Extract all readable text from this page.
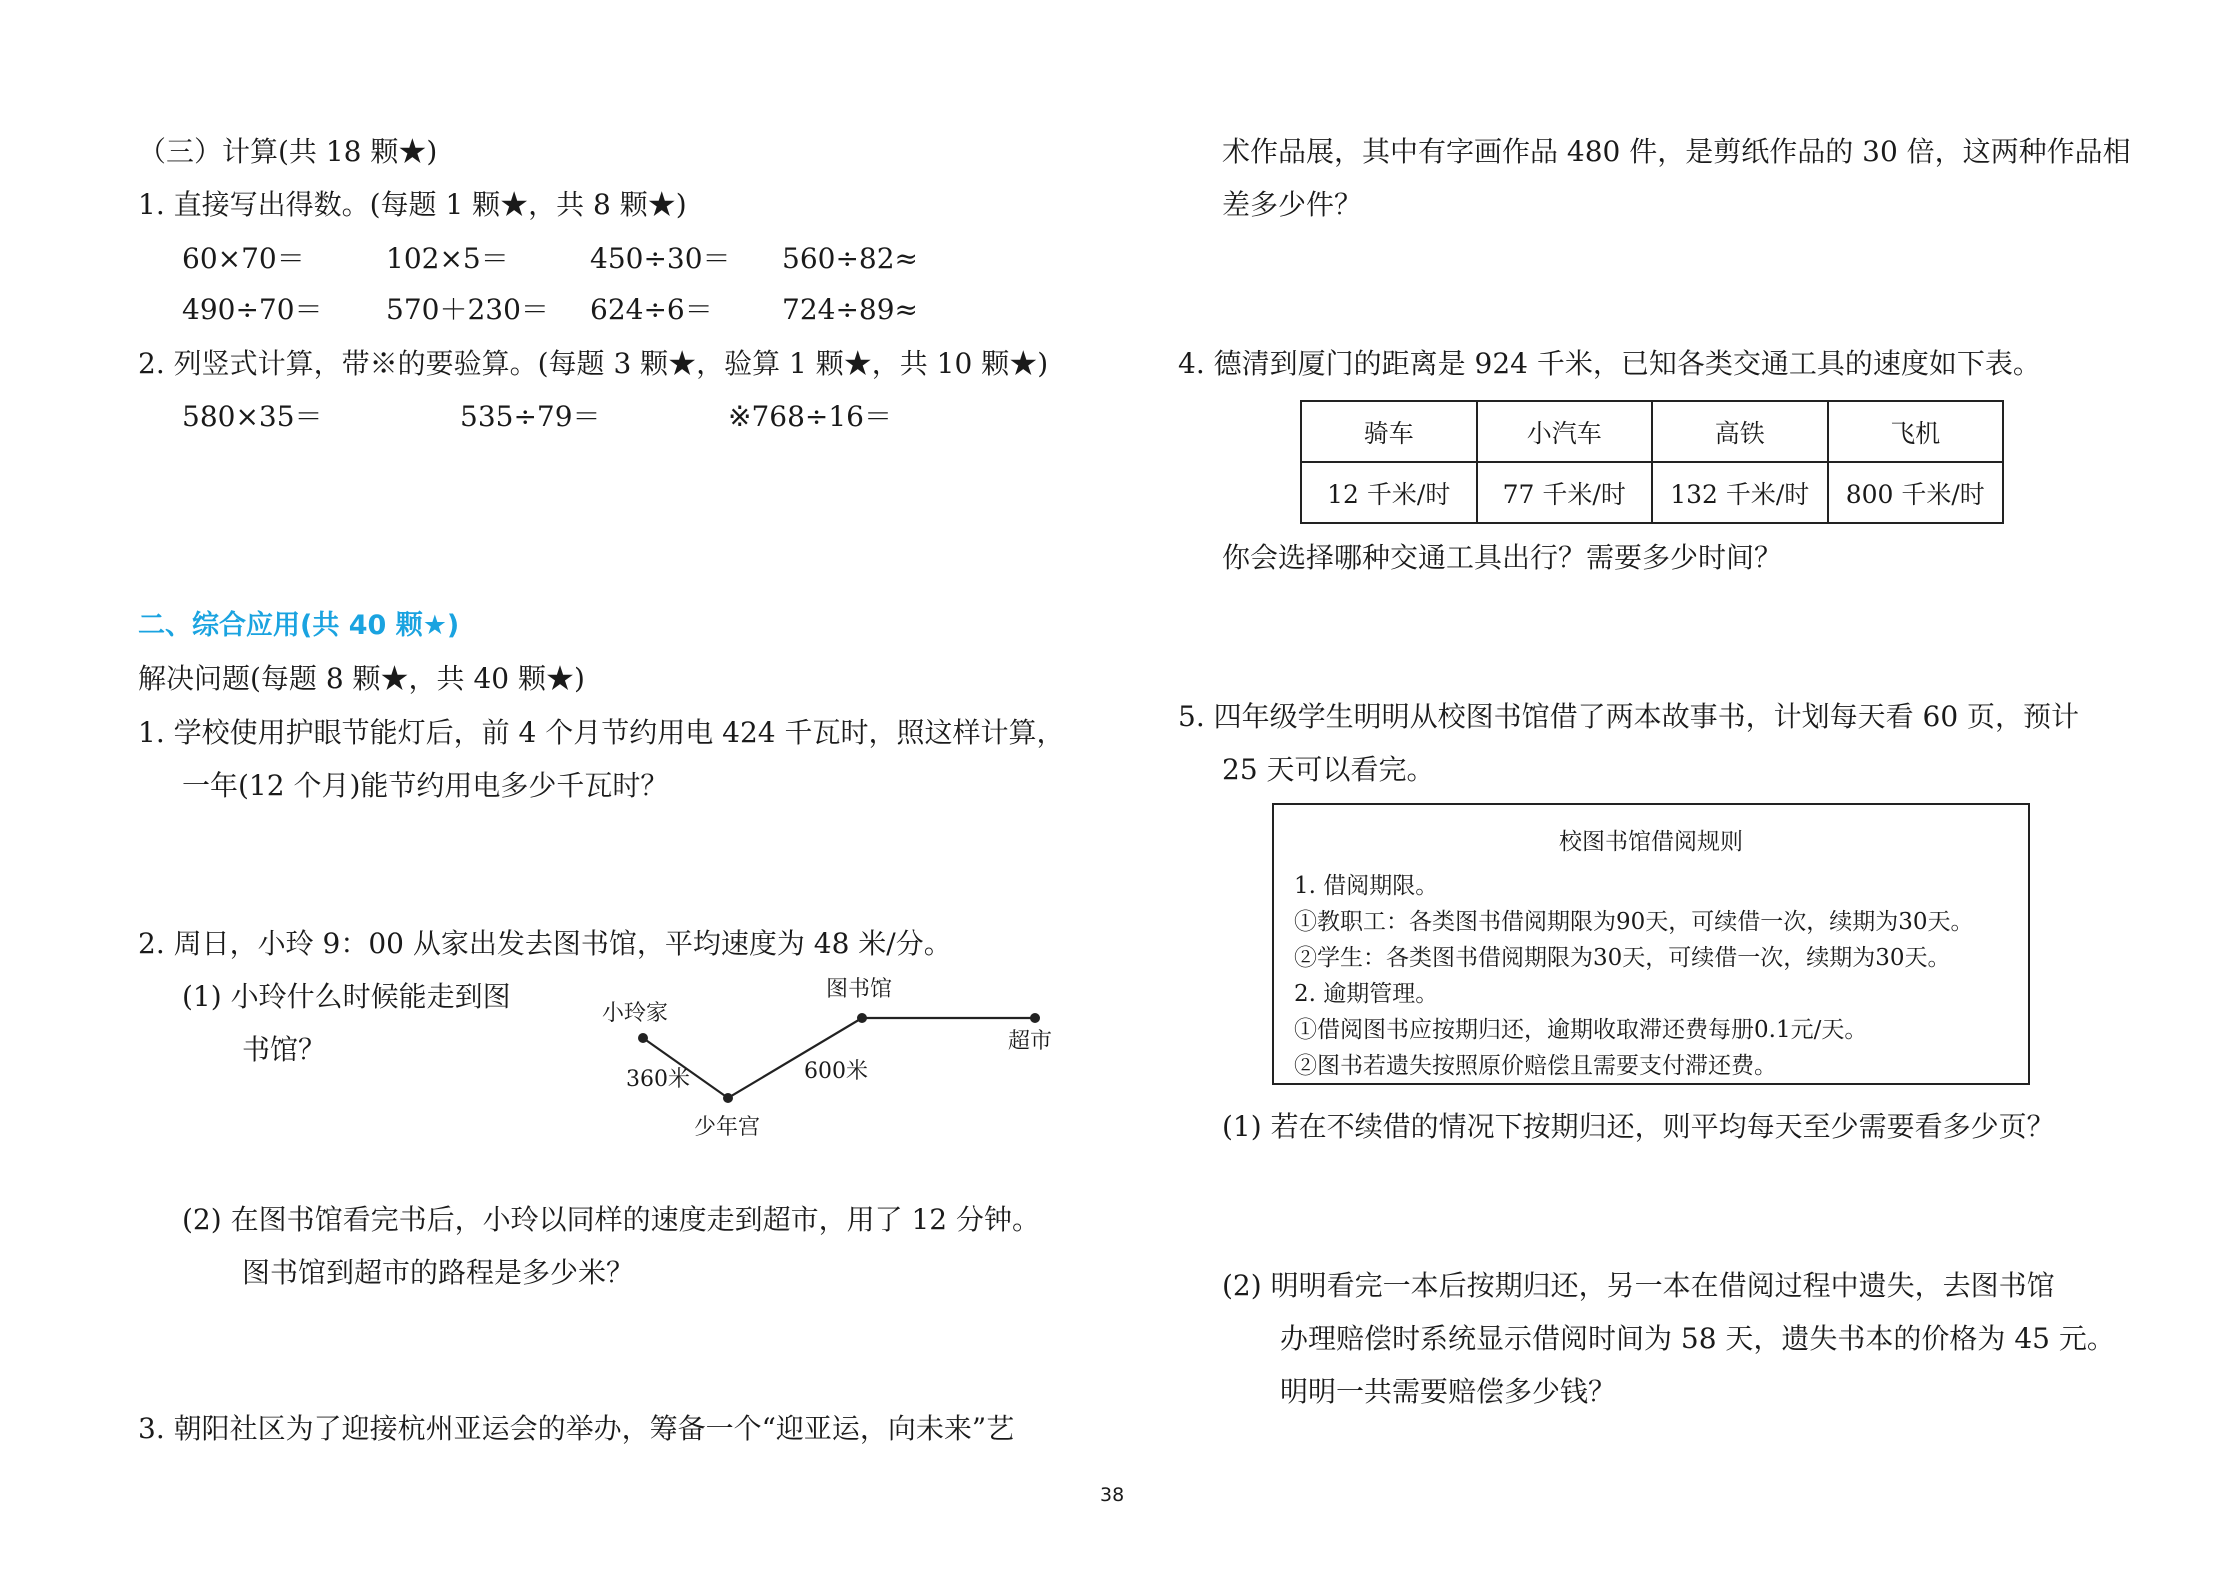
（三）计算(共 18 颗★)
1. 直接写出得数。(每题 1 颗★，共 8 颗★)
60×70＝	102×5＝	450÷30＝ 560÷82≈
490÷70＝ 570＋230＝ 624÷6＝ 724÷89≈
2. 列竖式计算，带※的要验算。(每题 3 颗★，验算 1 颗★，共 10 颗★)
580×35＝	535÷79＝	※768÷16＝
二、综合应用(共 40 颗★)
解决问题(每题 8 颗★，共 40 颗★)
1. 学校使用护眼节能灯后，前 4 个月节约用电 424 千瓦时，照这样计算，
一年(12 个月)能节约用电多少千瓦时？
2. 周日，小玲 9：00 从家出发去图书馆，平均速度为 48 米/分。
(1) 小玲什么时候能走到图
书馆？
小玲家
图书馆
超市
少年宫
360米	600米
(2) 在图书馆看完书后，小玲以同样的速度走到超市，用了 12 分钟。
图书馆到超市的路程是多少米？
3. 朝阳社区为了迎接杭州亚运会的举办，筹备一个“迎亚运，向未来”艺
术作品展，其中有字画作品 480 件，是剪纸作品的 30 倍，这两种作品相
差多少件？
4. 德清到厦门的距离是 924 千米，已知各类交通工具的速度如下表。
骑车	小汽车	高铁	飞机
12 千米/时	77 千米/时	132 千米/时	800 千米/时
你会选择哪种交通工具出行？需要多少时间？
5. 四年级学生明明从校图书馆借了两本故事书，计划每天看 60 页，预计
25 天可以看完。
校图书馆借阅规则
1. 借阅期限。
①教职工：各类图书借阅期限为90天，可续借一次，续期为30天。
②学生：各类图书借阅期限为30天，可续借一次，续期为30天。
2. 逾期管理。
①借阅图书应按期归还，逾期收取滞还费每册0.1元/天。
②图书若遗失按照原价赔偿且需要支付滞还费。
(1) 若在不续借的情况下按期归还，则平均每天至少需要看多少页？
(2) 明明看完一本后按期归还，另一本在借阅过程中遗失，去图书馆
办理赔偿时系统显示借阅时间为 58 天，遗失书本的价格为 45 元。
明明一共需要赔偿多少钱？
38
